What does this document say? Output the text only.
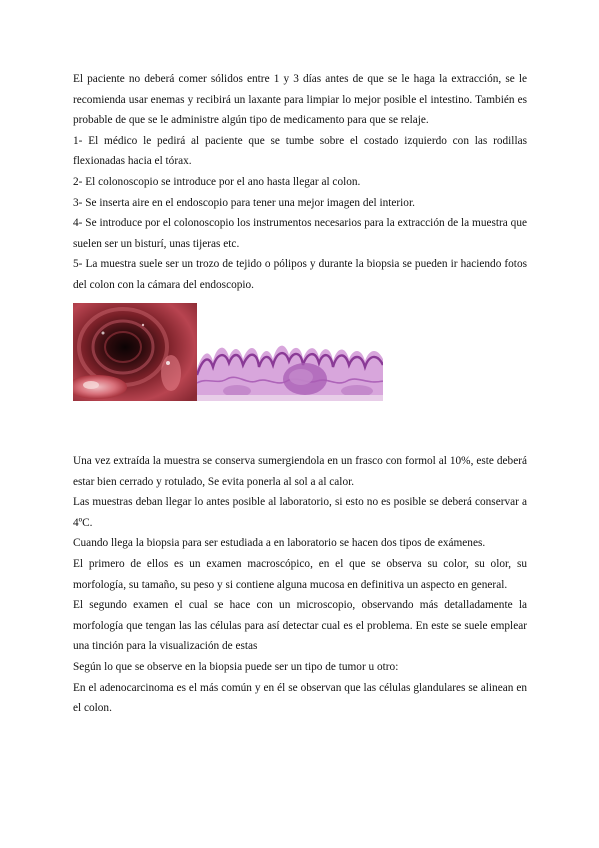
El paciente no deberá comer sólidos entre 1 y 3 días antes de que se le haga la extracción, se le recomienda usar enemas y recibirá un laxante para limpiar lo mejor posible el intestino. También es probable de que se le administre algún tipo de medicamento para que se relaje.

1- El médico le pedirá al paciente que se tumbe sobre el costado izquierdo con las rodillas flexionadas hacia el tórax.

2- El colonoscopio se introduce por el ano hasta llegar al colon.

3- Se inserta aire en el endoscopio para tener una mejor imagen del interior.

4- Se introduce por el colonoscopio los instrumentos necesarios para la extracción de la muestra que suelen ser un bisturí, unas tijeras etc.

5- La muestra suele ser un trozo de tejido o pólipos y durante la biopsia se pueden ir haciendo fotos del colon con la cámara del endoscopio.

Una vez extraída la muestra se conserva sumergiendola en un frasco con formol al 10%, este deberá estar bien cerrado y rotulado, Se evita ponerla al sol a al calor.

Las muestras deban llegar lo antes posible al laboratorio, si esto no es posible se deberá conservar a 4ºC.

Cuando llega la biopsia para ser estudiada a en laboratorio se hacen dos tipos de exámenes.

El primero de ellos es un examen macroscópico, en el que se observa su color, su olor, su morfología, su tamaño, su peso y si contiene alguna mucosa en definitiva un aspecto en general.

El segundo examen el cual se hace con un microscopio, observando más detalladamente la morfología que tengan las las células para así detectar cual es el problema. En este se suele emplear una tinción para la visualización de estas

Según lo que se observe en la biopsia puede ser un tipo de tumor u otro:

En el adenocarcinoma es el más común y en él se observan que las células glandulares se alinean en el colon.
